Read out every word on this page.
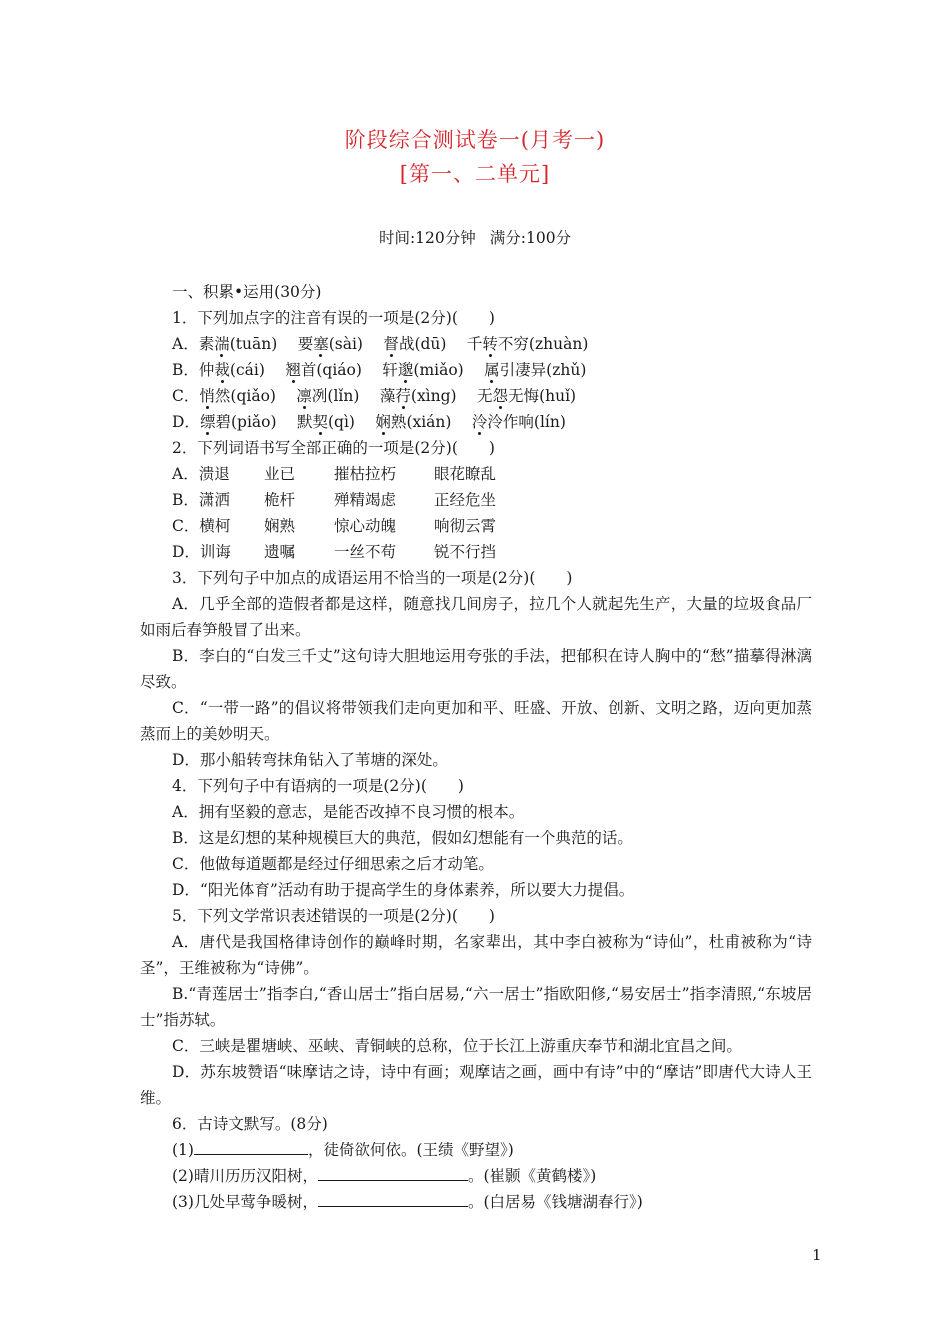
阶段综合测试卷一(月考一)
[第一、二单元]
时间:120分钟 满分:100分

一、积累•运用(30分)

1．下列加点字的注音有误的一项是(2分)(　　)

A．素湍(tuān)　 要塞(sài)　 督战(dū)　 千转不穷(zhuàn)

B．仲裁(cái)  翘首(qiáo)  轩邈(miǎo)  属引凄异(zhǔ)

C．悄然(qiǎo)　 凛冽(lǐn)  藻荇(xìng)  无怨无悔(huǐ)

D．缥碧(piǎo)  默契(qì)  娴熟(xián)  泠泠作响(lín)

2．下列词语书写全部正确的一项是(2分)(　　)

A．溃退 业已	摧枯拉朽 眼花瞭乱

B．潇洒 桅杆	殚精竭虑 正经危坐

C．横柯 娴熟	惊心动魄 响彻云霄

D．训诲 遗嘱	一丝不苟 锐不行挡

3．下列句子中加点的成语运用不恰当的一项是(2分)(　　)

A．几乎全部的造假者都是这样，随意找几间房子，拉几个人就起先生产，大量的垃圾食品厂如雨后春笋般冒了出来。

B．李白的“白发三千丈”这句诗大胆地运用夸张的手法，把郁积在诗人胸中的“愁”描摹得淋漓尽致。

C．“一带一路”的倡议将带领我们走向更加和平、旺盛、开放、创新、文明之路，迈向更加蒸蒸而上的美妙明天。

D．那小船转弯抹角钻入了苇塘的深处。

4．下列句子中有语病的一项是(2分)(　　)

A．拥有坚毅的意志，是能否改掉不良习惯的根本。

B．这是幻想的某种规模巨大的典范，假如幻想能有一个典范的话。

C．他做每道题都是经过仔细思索之后才动笔。

D．“阳光体育”活动有助于提高学生的身体素养，所以要大力提倡。

5．下列文学常识表述错误的一项是(2分)(　　)

A．唐代是我国格律诗创作的巅峰时期，名家辈出，其中李白被称为“诗仙”，杜甫被称为“诗圣”，王维被称为“诗佛”。

B.“青莲居士”指李白,“香山居士”指白居易,“六一居士”指欧阳修,“易安居士”指李清照,“东坡居士”指苏轼。

C．三峡是瞿塘峡、巫峡、青铜峡的总称，位于长江上游重庆奉节和湖北宜昌之间。

D．苏东坡赞语“味摩诘之诗，诗中有画；观摩诘之画，画中有诗”中的“摩诘”即唐代大诗人王维。

6．古诗文默写。(8分)

(1)	，徒倚欲何依。(王绩《野望》)

(2)晴川历历汉阳树，	。(崔颢《黄鹤楼》)

(3)几处早莺争暖树，	。(白居易《钱塘湖春行》)

1
